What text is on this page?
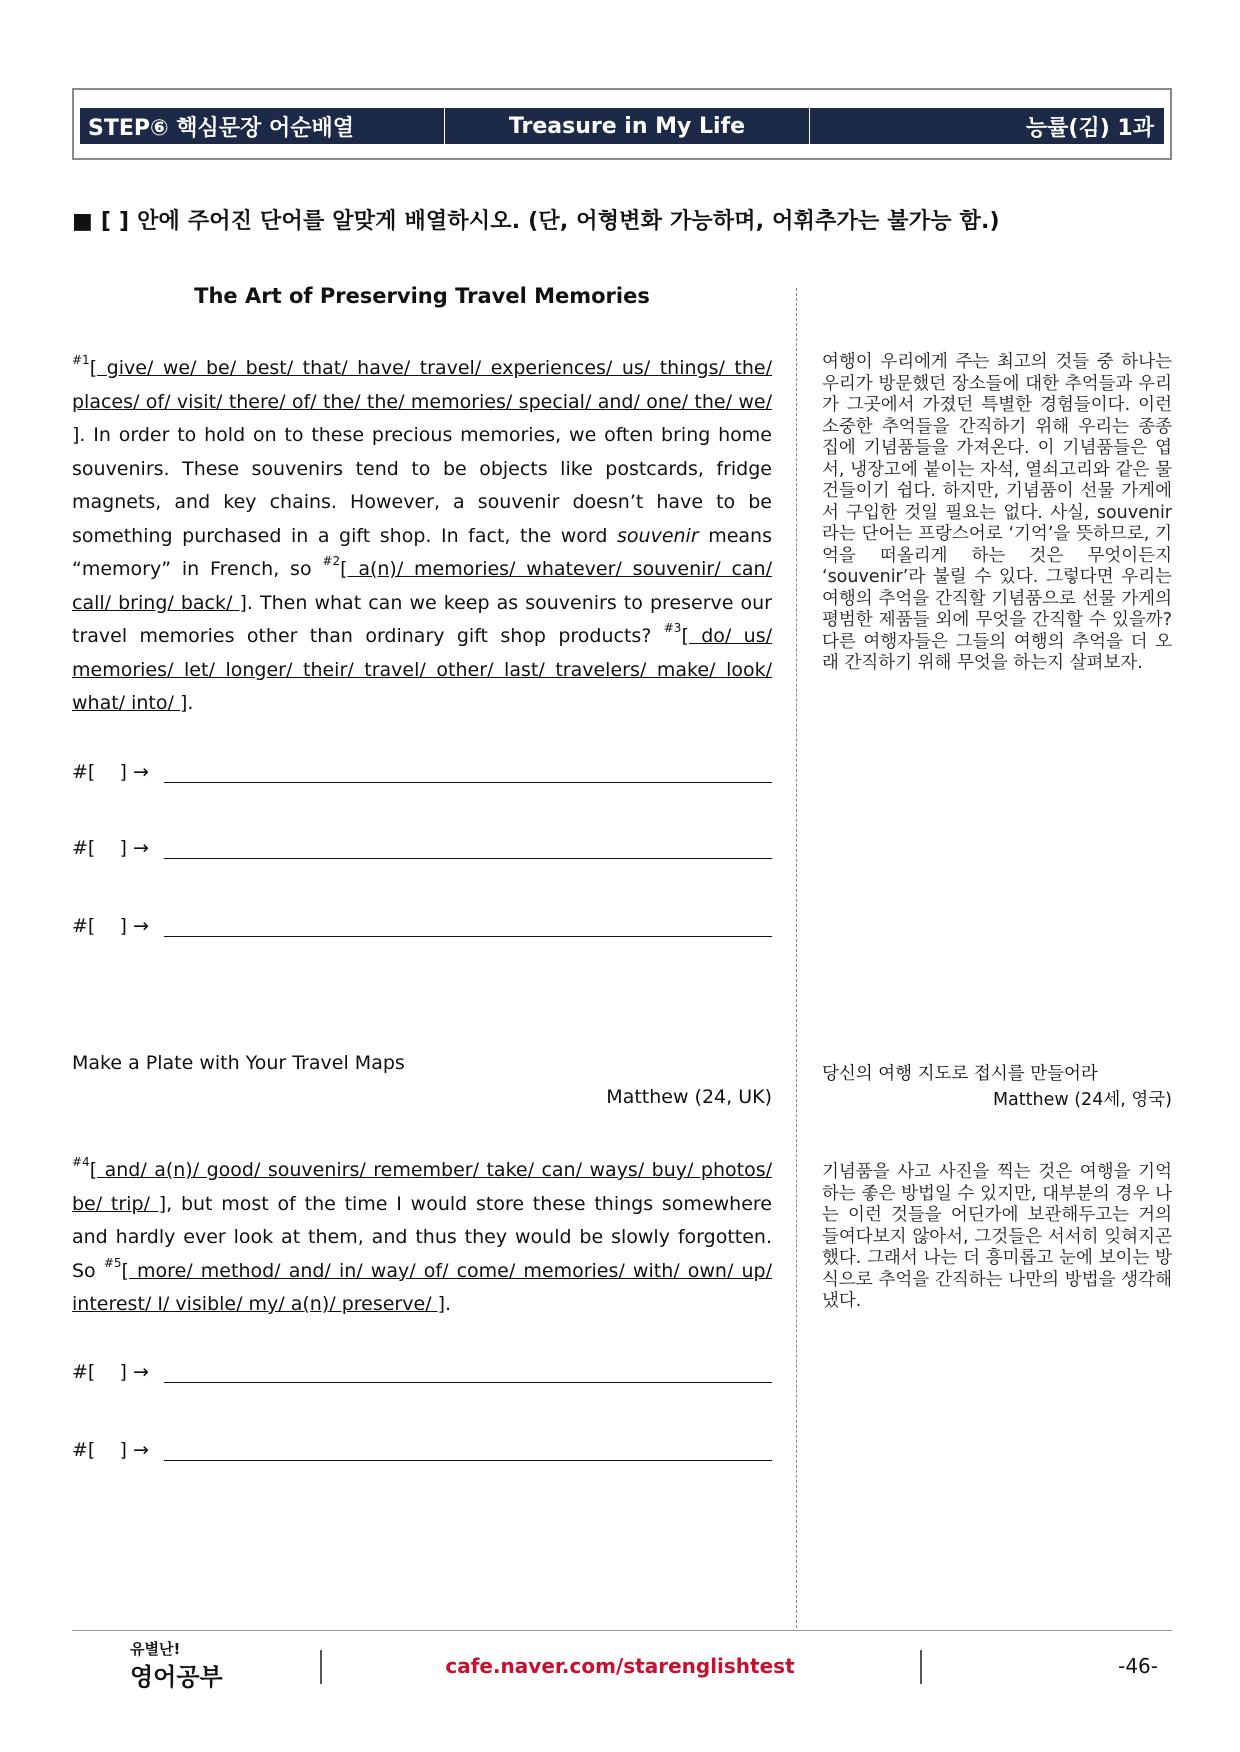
STEP⑥ 핵심문장 어순배열	Treasure in My Life	능률(김) 1과
■ [ ] 안에 주어진 단어를 알맞게 배열하시오. (단, 어형변화 가능하며, 어휘추가는 불가능 함.)
The Art of Preserving Travel Memories
$^{\#1}$[ give/ we/ be/ best/ that/ have/ travel/ experiences/ us/ things/ the/ places/ of/ visit/ there/ of/ the/ the/ memories/ special/ and/ one/ the/ we/ ]. In order to hold on to these precious memories, we often bring home souvenirs. These souvenirs tend to be objects like postcards, fridge magnets, and key chains. However, a souvenir doesn’t have to be something purchased in a gift shop. In fact, the word souvenir means “memory” in French, so $^{\#2}$[ a(n)/ memories/ whatever/ souvenir/ can/ call/ bring/ back/ ]. Then what can we keep as souvenirs to preserve our travel memories other than ordinary gift shop products? $^{\#3}$[ do/ us/ memories/ let/ longer/ their/ travel/ other/ last/ travelers/ make/ look/ what/ into/ ].
여행이 우리에게 주는 최고의 것들 중 하나는 우리가 방문했던 장소들에 대한 추억들과 우리가 그곳에서 가졌던 특별한 경험들이다. 이런 소중한 추억들을 간직하기 위해 우리는 종종 집에 기념품들을 가져온다. 이 기념품들은 엽서, 냉장고에 붙이는 자석, 열쇠고리와 같은 물건들이기 쉽다. 하지만, 기념품이 선물 가게에서 구입한 것일 필요는 없다. 사실, souvenir라는 단어는 프랑스어로 ‘기억’을 뜻하므로, 기억을 떠올리게 하는 것은 무엇이든지 ‘souvenir’라 불릴 수 있다. 그렇다면 우리는 여행의 추억을 간직할 기념품으로 선물 가게의 평범한 제품들 외에 무엇을 간직할 수 있을까? 다른 여행자들은 그들의 여행의 추억을 더 오래 간직하기 위해 무엇을 하는지 살펴보자.
#[    ] →
#[    ] →
#[    ] →
Make a Plate with Your Travel Maps
Matthew (24, UK)
당신의 여행 지도로 접시를 만들어라
Matthew (24세, 영국)
$^{\#4}$[ and/ a(n)/ good/ souvenirs/ remember/ take/ can/ ways/ buy/ photos/ be/ trip/ ], but most of the time I would store these things somewhere and hardly ever look at them, and thus they would be slowly forgotten. So $^{\#5}$[ more/ method/ and/ in/ way/ of/ come/ memories/ with/ own/ up/ interest/ I/ visible/ my/ a(n)/ preserve/ ].
기념품을 사고 사진을 찍는 것은 여행을 기억하는 좋은 방법일 수 있지만, 대부분의 경우 나는 이런 것들을 어딘가에 보관해두고는 거의 들여다보지 않아서, 그것들은 서서히 잊혀지곤 했다. 그래서 나는 더 흥미롭고 눈에 보이는 방식으로 추억을 간직하는 나만의 방법을 생각해냈다.
#[    ] →
#[    ] →
유별난!
영어공부	cafe.naver.com/starenglishtest	-46-
